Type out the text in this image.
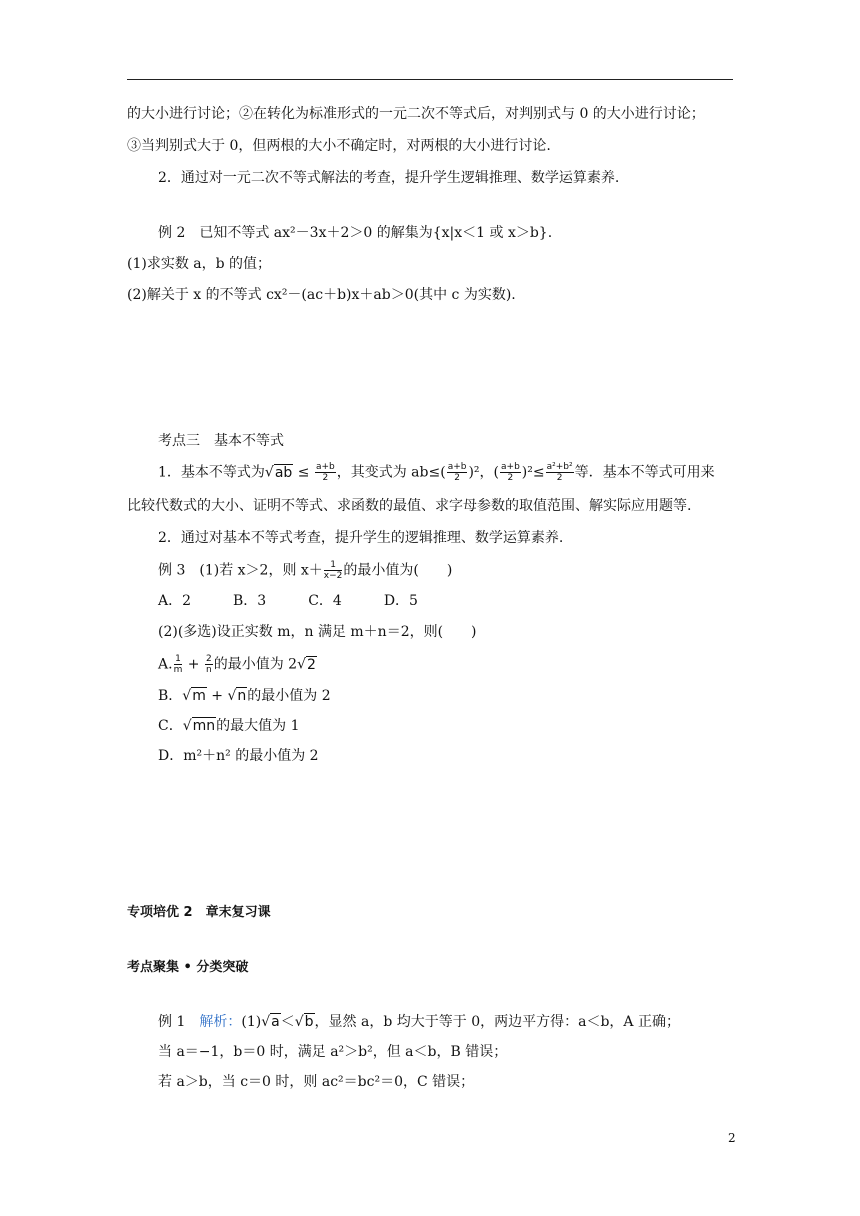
的大小进行讨论；②在转化为标准形式的一元二次不等式后，对判别式与 0 的大小进行讨论；
③当判别式大于 0，但两根的大小不确定时，对两根的大小进行讨论.
2．通过对一元二次不等式解法的考查，提升学生逻辑推理、数学运算素养.
例 2　已知不等式 ax²－3x＋2＞0 的解集为{x|x＜1 或 x＞b}.
(1)求实数 a，b 的值；
(2)解关于 x 的不等式 cx²－(ac＋b)x＋ab＞0(其中 c 为实数).
考点三　基本不等式
1．基本不等式为$√ab \le \frac{a+b}{2}$ ，其变式为 $ab\le( \frac{a+b}{2} )^2$，( $\frac{a+b}{2} )^2\le \frac{\text{a²+b²}}{2}$ 等．基本不等式可用来
比较代数式的大小、证明不等式、求函数的最值、求字母参数的取值范围、解实际应用题等.
2．通过对基本不等式考查，提升学生的逻辑推理、数学运算素养.
例 3　(1)若 x＞2，则 $x+ \frac{1}{x-2}$ 的最小值为(　　)
A．2　　　B．3　　　C．4　　　D．5
(2)(多选)设正实数 m，n 满足 m＋n＝2，则(　　)
A. $\frac{1}{m} + \frac{2}{n}$ 的最小值为 2√2
B．√m + √n的最小值为 2
C．√mn的最大值为 1
D．m²＋n² 的最小值为 2
专项培优 2　章末复习课
考点聚集 • 分类突破
例 1　解析：(1)√a＜√b，显然 a，b 均大于等于 0，两边平方得：a＜b，A 正确；
当 a＝−1，b＝0 时，满足 a²＞b²，但 a＜b，B 错误；
若 a＞b，当 c＝0 时，则 ac²＝bc²＝0，C 错误；
2
